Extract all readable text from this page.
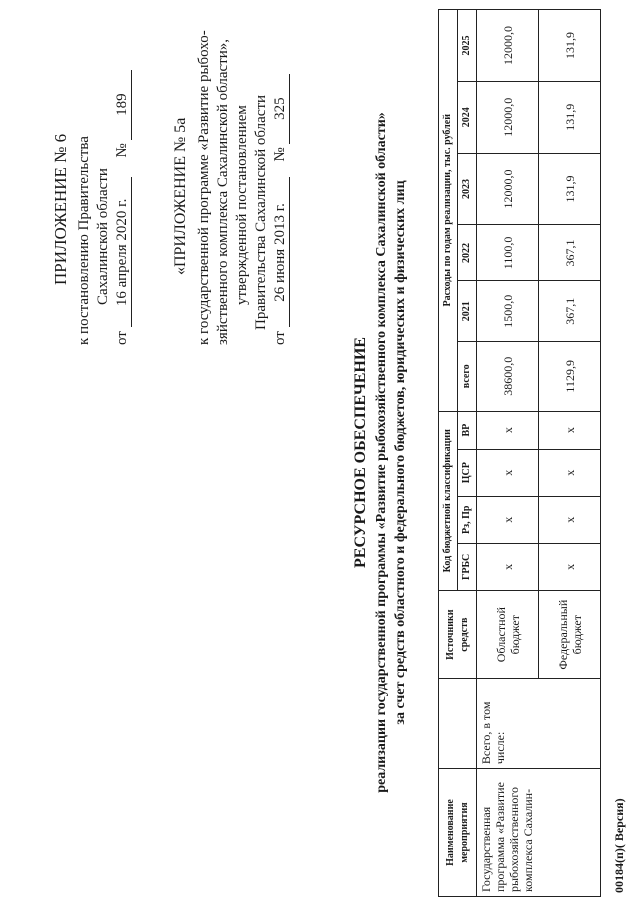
ПРИЛОЖЕНИЕ № 6 к постановлению Правительства Сахалинской области
от 16 апреля 2020 г. № 189
«ПРИЛОЖЕНИЕ № 5а к государственной программе «Развитие рыбохо- зяйственного комплекса Сахалинской области», утвержденной постановлением Правительства Сахалинской области
от 26 июня 2013 г. № 325
РЕСУРСНОЕ ОБЕСПЕЧЕНИЕ реализации государственной программы «Развитие рыбохозяйственного комплекса Сахалинской области» за счет средств областного и федерального бюджетов, юридических и физических лиц
Наименование мероприятия		Источники средств	Код бюджетной классификации				Расходы по годам реализации, тыс. рублей					
			ГРБС	Рз, Пр	ЦСР	ВР	всего	2021	2022	2023	2024	2025
Государственная программа «Развитие рыбохозяйственного комплекса Сахалин-	Всего, в том числе:	Областной бюджет	х	х	х	х	38600,0	1500,0	1100,0	12000,0	12000,0	12000,0
		Федеральный бюджет	х	х	х	х	1129,9	367,1	367,1	131,9	131,9	131,9
00184(п)( Версия)
